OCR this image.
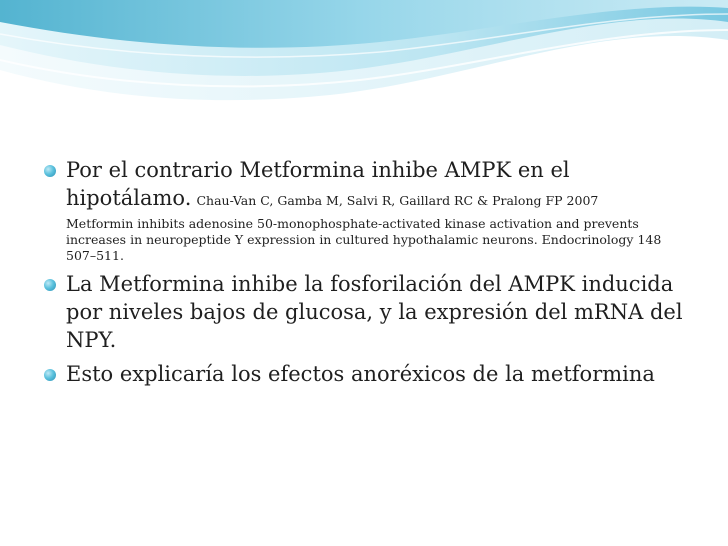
Por el contrario Metformina inhibe AMPK en el hipotálamo. Chau-Van C, Gamba M, Salvi R, Gaillard RC & Pralong FP 2007
Metformin inhibits adenosine 50-monophosphate-activated kinase activation and prevents increases in neuropeptide Y expression in cultured hypothalamic neurons. Endocrinology 148 507–511.
La Metformina inhibe la fosforilación del AMPK inducida por niveles bajos de glucosa, y la expresión del mRNA del NPY.
Esto explicaría los efectos anoréxicos de la metformina
